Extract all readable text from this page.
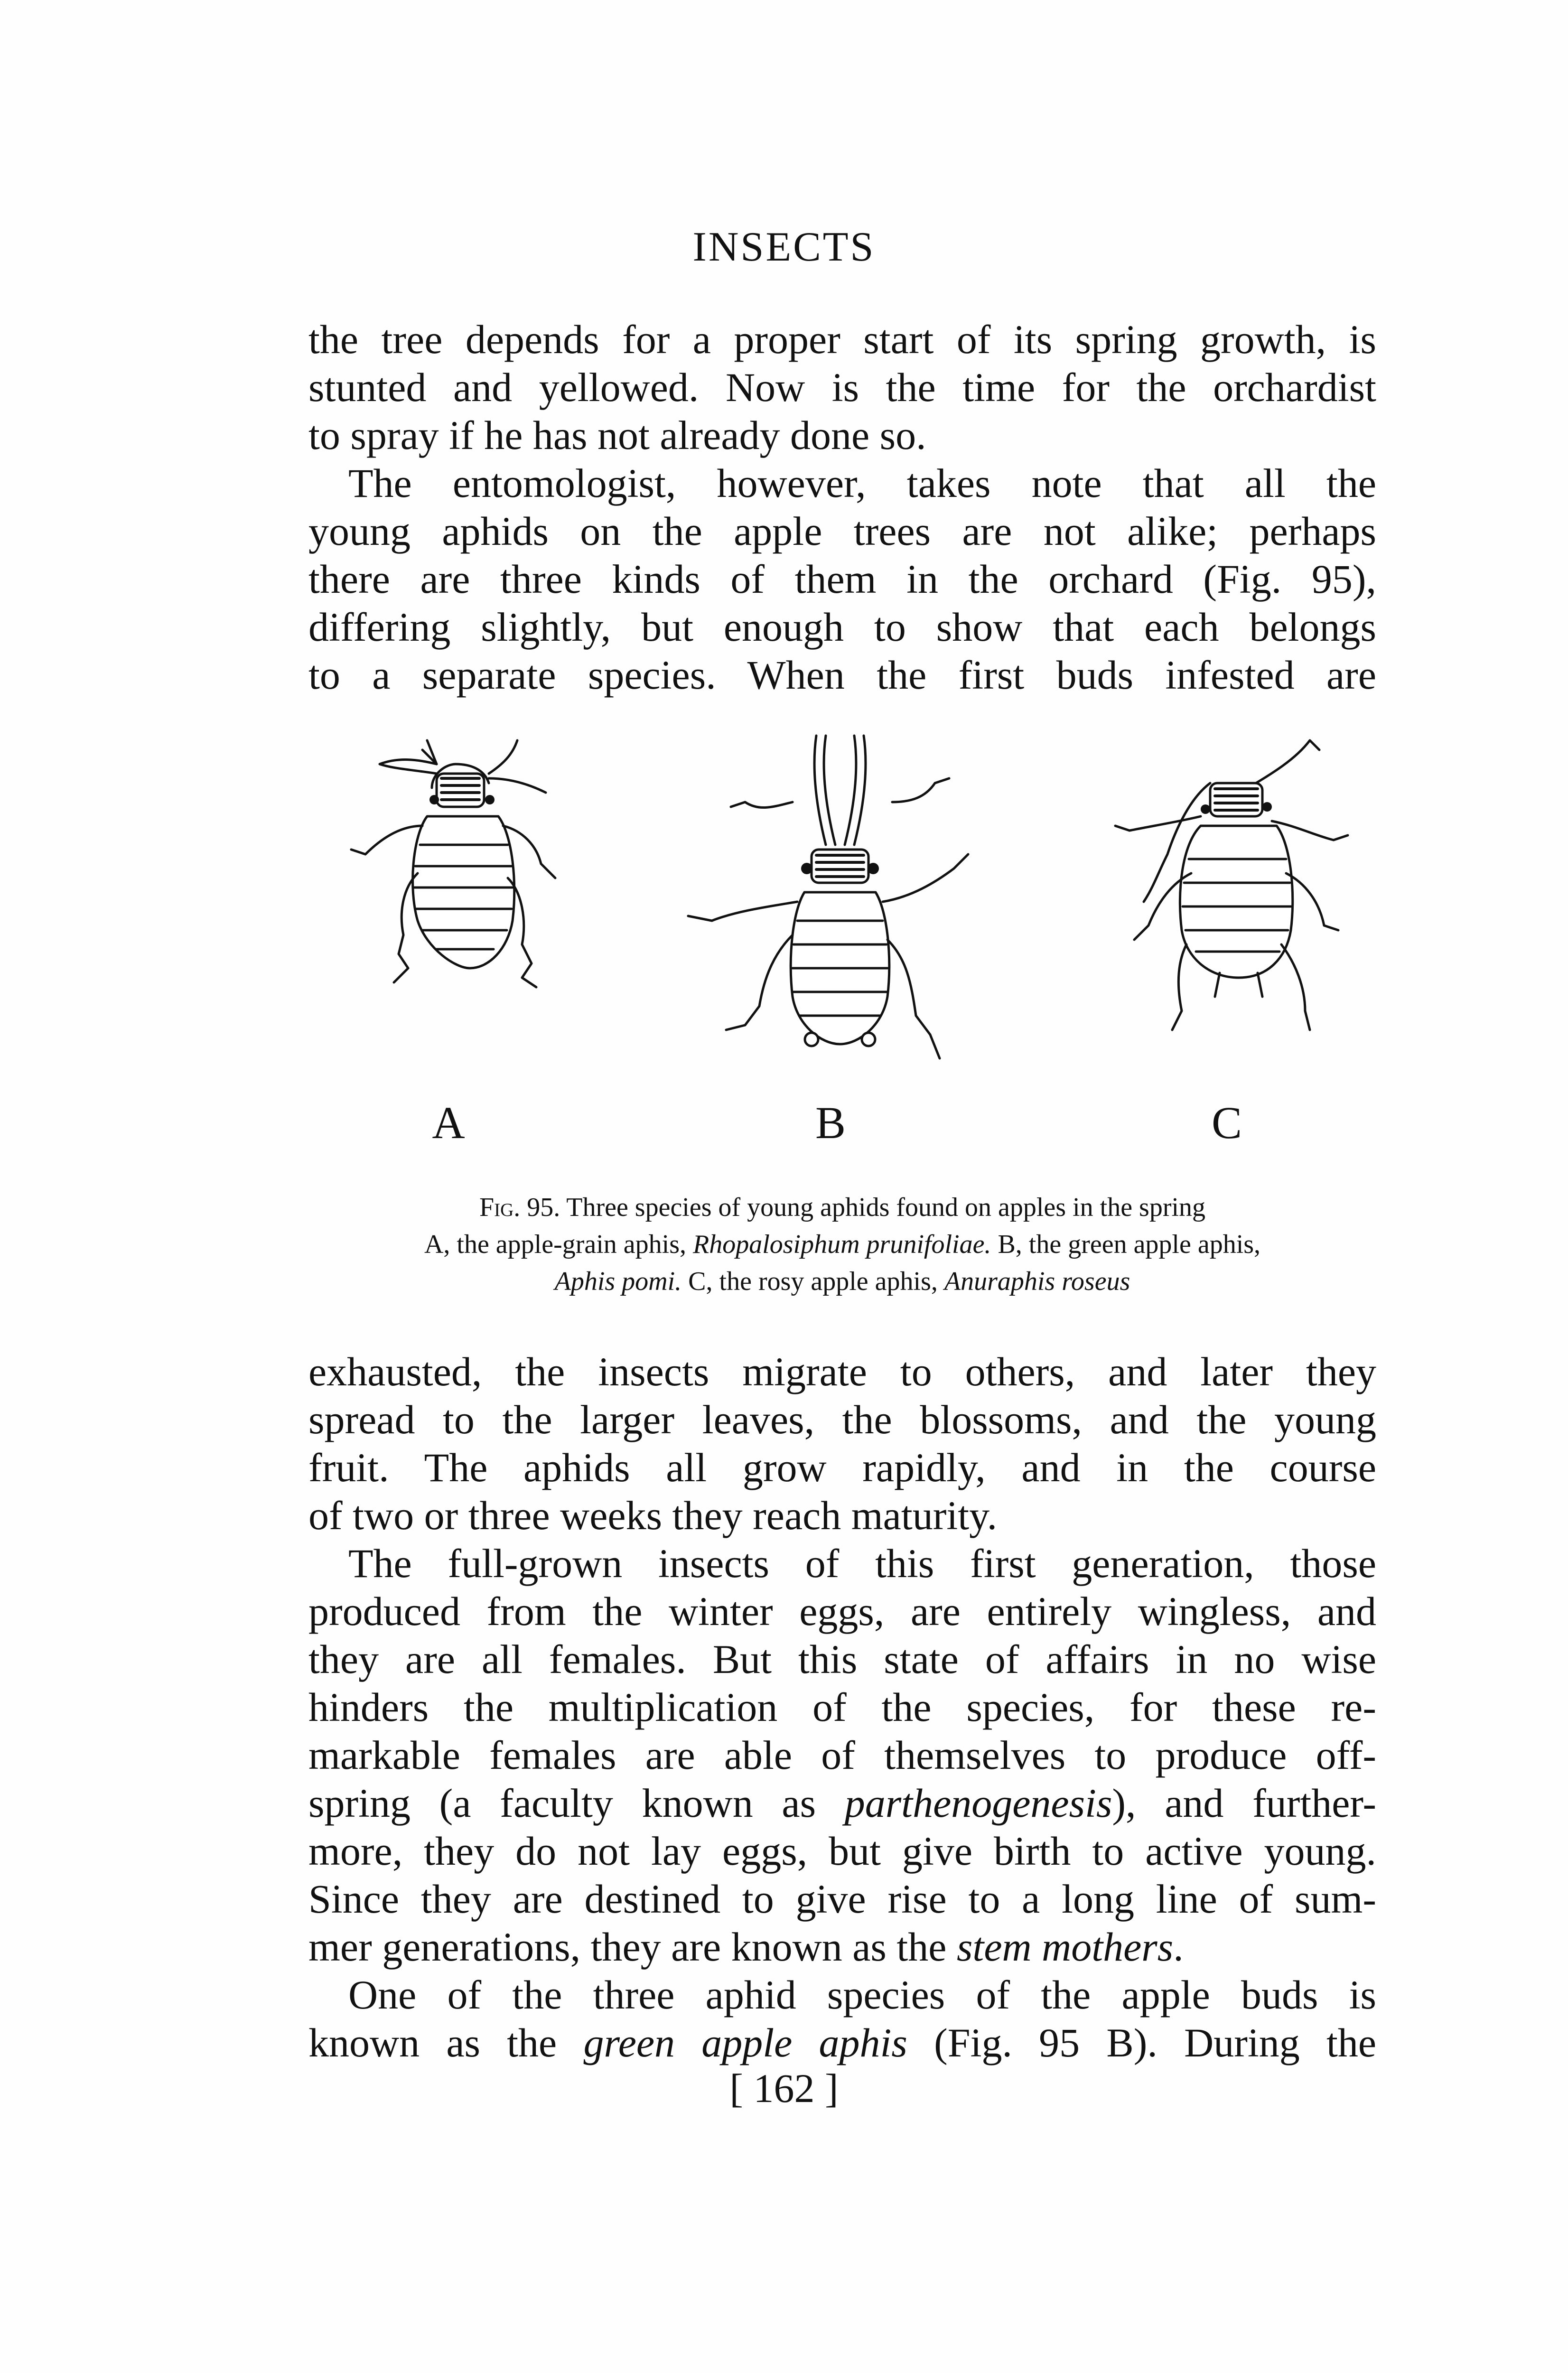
INSECTS

the tree depends for a proper start of its spring growth, is

stunted and yellowed. Now is the time for the orchardist

to spray if he has not already done so.

The entomologist, however, takes note that all the

young aphids on the apple trees are not alike; perhaps

there are three kinds of them in the orchard (Fig. 95),

differing slightly, but enough to show that each belongs

to a separate species. When the first buds infested are

A	B	C
Fig. 95. Three species of young aphids found on apples in the spring
A, the apple-grain aphis, Rhopalosiphum prunifoliae. B, the green apple aphis,
Aphis pomi. C, the rosy apple aphis, Anuraphis roseus

exhausted, the insects migrate to others, and later they

spread to the larger leaves, the blossoms, and the young

fruit. The aphids all grow rapidly, and in the course

of two or three weeks they reach maturity.

The full-grown insects of this first generation, those

produced from the winter eggs, are entirely wingless, and

they are all females. But this state of affairs in no wise

hinders the multiplication of the species, for these re-

markable females are able of themselves to produce off-

spring (a faculty known as parthenogenesis), and further-

more, they do not lay eggs, but give birth to active young.

Since they are destined to give rise to a long line of sum-

mer generations, they are known as the stem mothers.

One of the three aphid species of the apple buds is

known as the green apple aphis (Fig. 95 B). During the

[ 162 ]
